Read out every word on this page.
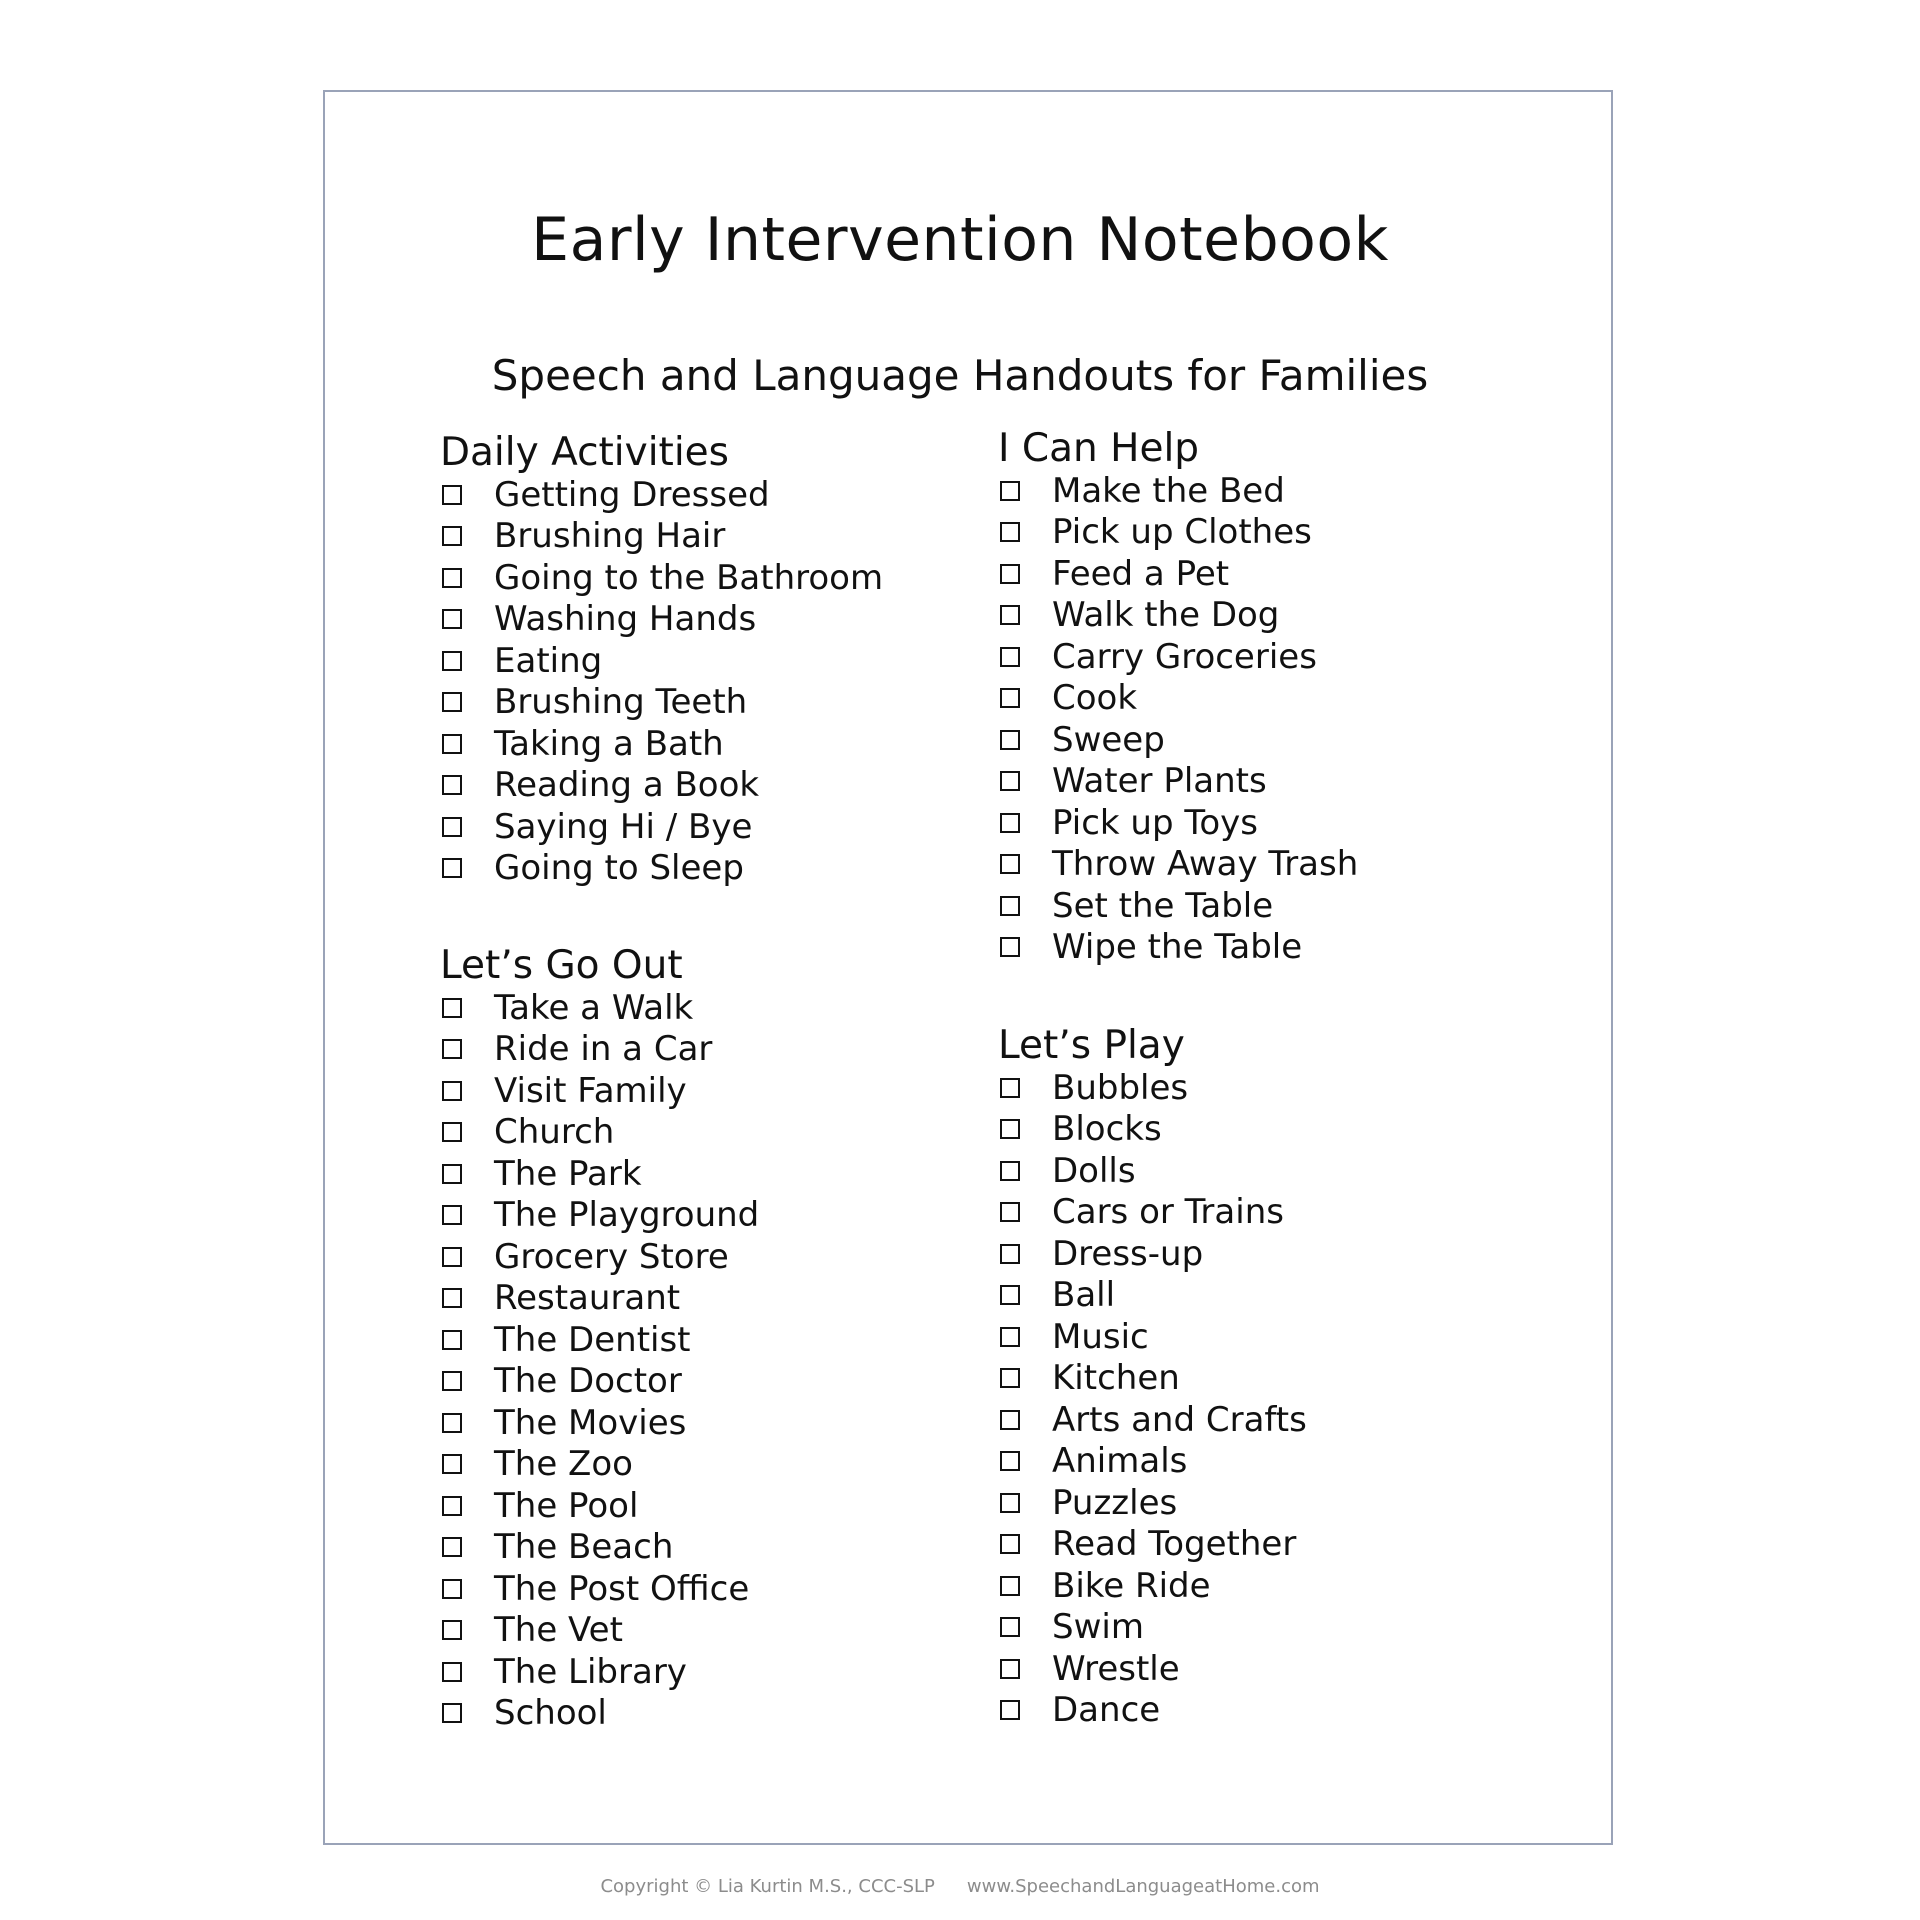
Early Intervention Notebook
Speech and Language Handouts for Families
Daily Activities
Getting Dressed
Brushing Hair
Going to the Bathroom
Washing Hands
Eating
Brushing Teeth
Taking a Bath
Reading a Book
Saying Hi / Bye
Going to Sleep
Let’s Go Out
Take a Walk
Ride in a Car
Visit Family
Church
The Park
The Playground
Grocery Store
Restaurant
The Dentist
The Doctor
The Movies
The Zoo
The Pool
The Beach
The Post Office
The Vet
The Library
School
I Can Help
Make the Bed
Pick up Clothes
Feed a Pet
Walk the Dog
Carry Groceries
Cook
Sweep
Water Plants
Pick up Toys
Throw Away Trash
Set the Table
Wipe the Table
Let’s Play
Bubbles
Blocks
Dolls
Cars or Trains
Dress-up
Ball
Music
Kitchen
Arts and Crafts
Animals
Puzzles
Read Together
Bike Ride
Swim
Wrestle
Dance
Copyright © Lia Kurtin M.S., CCC-SLP www.SpeechandLanguageatHome.com
